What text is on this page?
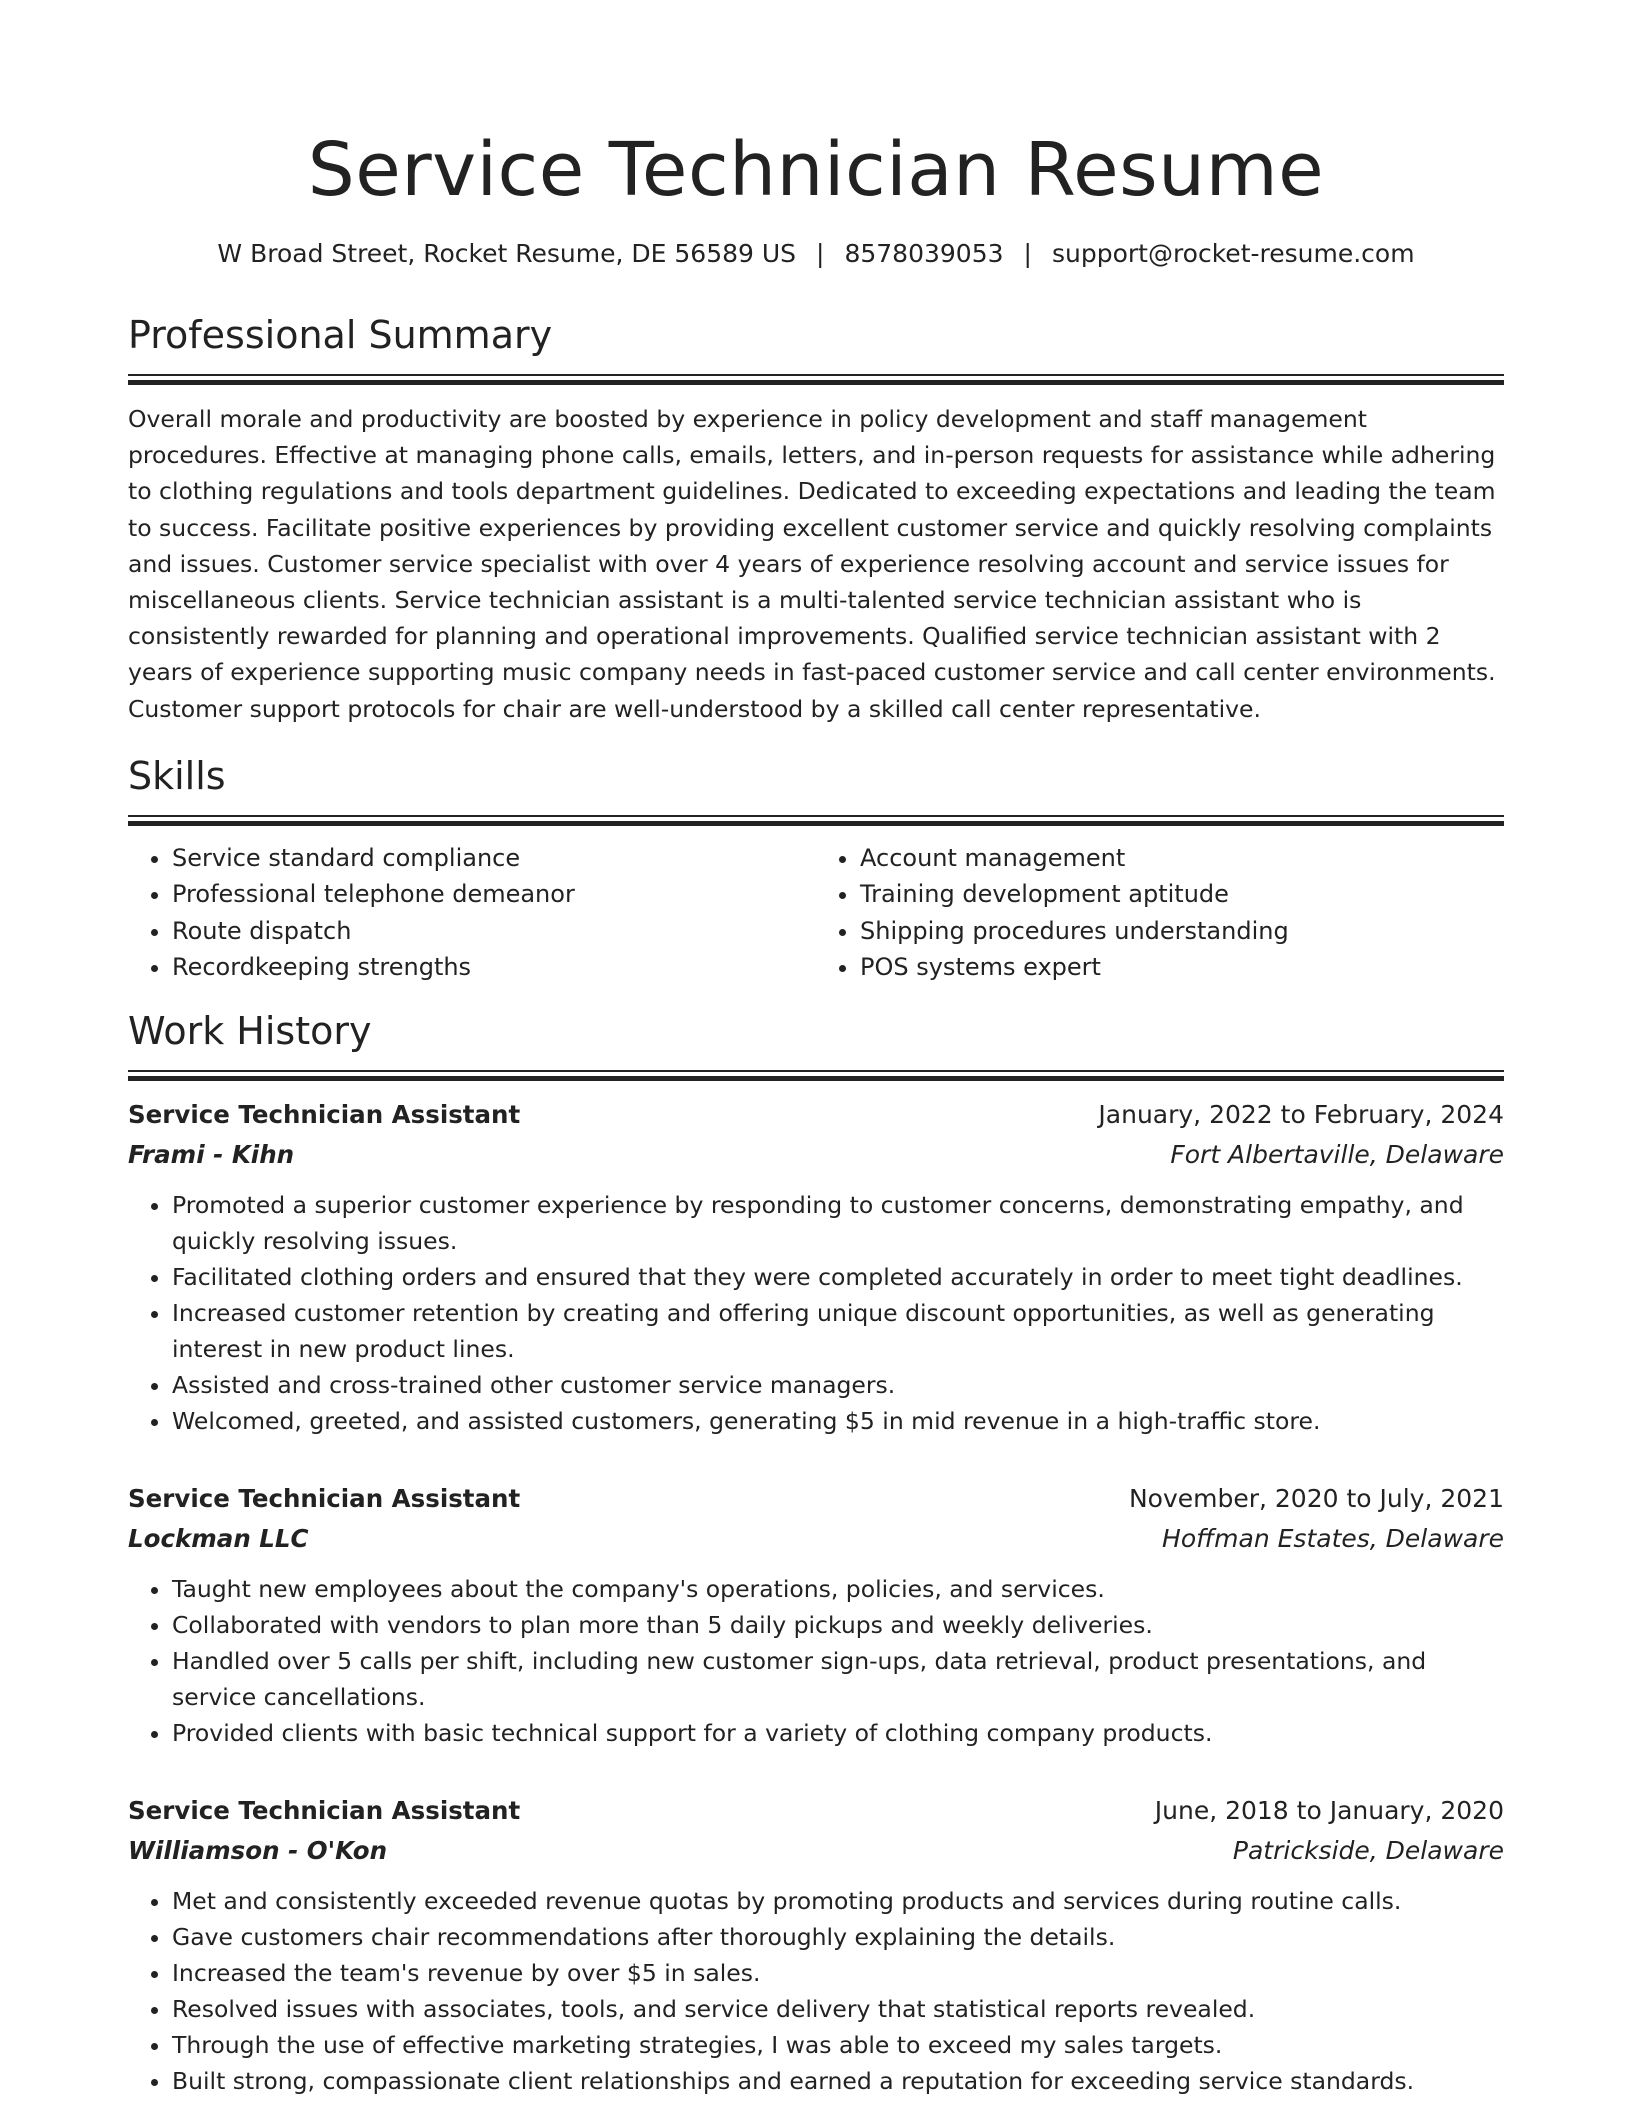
Service Technician Resume
W Broad Street, Rocket Resume, DE 56589 US | 8578039053 | support@rocket-resume.com
Professional Summary

Overall morale and productivity are boosted by experience in policy development and staff management procedures. Effective at managing phone calls, emails, letters, and in-person requests for assistance while adhering to clothing regulations and tools department guidelines. Dedicated to exceeding expectations and leading the team to success. Facilitate positive experiences by providing excellent customer service and quickly resolving complaints and issues. Customer service specialist with over 4 years of experience resolving account and service issues for miscellaneous clients. Service technician assistant is a multi-talented service technician assistant who is consistently rewarded for planning and operational improvements. Qualified service technician assistant with 2 years of experience supporting music company needs in fast-paced customer service and call center environments. Customer support protocols for chair are well-understood by a skilled call center representative.

Skills
• Service standard compliance
• Professional telephone demeanor
• Route dispatch
• Recordkeeping strengths
• Account management
• Training development aptitude
• Shipping procedures understanding
• POS systems expert
Work History
Service Technician Assistant	January, 2022 to February, 2024
Frami - Kihn	Fort Albertaville, Delaware
• Promoted a superior customer experience by responding to customer concerns, demonstrating empathy, and quickly resolving issues.
• Facilitated clothing orders and ensured that they were completed accurately in order to meet tight deadlines.
• Increased customer retention by creating and offering unique discount opportunities, as well as generating interest in new product lines.
• Assisted and cross-trained other customer service managers.
• Welcomed, greeted, and assisted customers, generating $5 in mid revenue in a high-traffic store.
Service Technician Assistant	November, 2020 to July, 2021
Lockman LLC	Hoffman Estates, Delaware
• Taught new employees about the company's operations, policies, and services.
• Collaborated with vendors to plan more than 5 daily pickups and weekly deliveries.
• Handled over 5 calls per shift, including new customer sign-ups, data retrieval, product presentations, and service cancellations.
• Provided clients with basic technical support for a variety of clothing company products.
Service Technician Assistant	June, 2018 to January, 2020
Williamson - O'Kon	Patrickside, Delaware
• Met and consistently exceeded revenue quotas by promoting products and services during routine calls.
• Gave customers chair recommendations after thoroughly explaining the details.
• Increased the team's revenue by over $5 in sales.
• Resolved issues with associates, tools, and service delivery that statistical reports revealed.
• Through the use of effective marketing strategies, I was able to exceed my sales targets.
• Built strong, compassionate client relationships and earned a reputation for exceeding service standards.
